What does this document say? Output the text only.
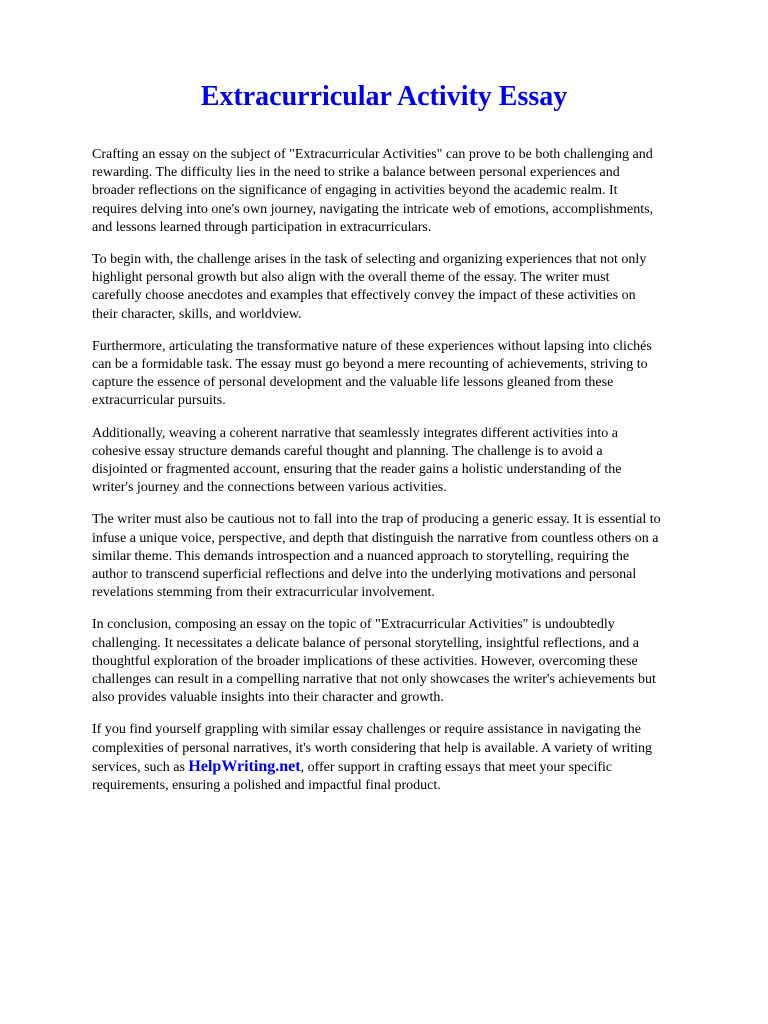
Extracurricular Activity Essay

Crafting an essay on the subject of "Extracurricular Activities" can prove to be both challenging and
rewarding. The difficulty lies in the need to strike a balance between personal experiences and
broader reflections on the significance of engaging in activities beyond the academic realm. It
requires delving into one's own journey, navigating the intricate web of emotions, accomplishments,
and lessons learned through participation in extracurriculars.

To begin with, the challenge arises in the task of selecting and organizing experiences that not only
highlight personal growth but also align with the overall theme of the essay. The writer must
carefully choose anecdotes and examples that effectively convey the impact of these activities on
their character, skills, and worldview.

Furthermore, articulating the transformative nature of these experiences without lapsing into clichés
can be a formidable task. The essay must go beyond a mere recounting of achievements, striving to
capture the essence of personal development and the valuable life lessons gleaned from these
extracurricular pursuits.

Additionally, weaving a coherent narrative that seamlessly integrates different activities into a
cohesive essay structure demands careful thought and planning. The challenge is to avoid a
disjointed or fragmented account, ensuring that the reader gains a holistic understanding of the
writer's journey and the connections between various activities.

The writer must also be cautious not to fall into the trap of producing a generic essay. It is essential to
infuse a unique voice, perspective, and depth that distinguish the narrative from countless others on a
similar theme. This demands introspection and a nuanced approach to storytelling, requiring the
author to transcend superficial reflections and delve into the underlying motivations and personal
revelations stemming from their extracurricular involvement.

In conclusion, composing an essay on the topic of "Extracurricular Activities" is undoubtedly
challenging. It necessitates a delicate balance of personal storytelling, insightful reflections, and a
thoughtful exploration of the broader implications of these activities. However, overcoming these
challenges can result in a compelling narrative that not only showcases the writer's achievements but
also provides valuable insights into their character and growth.

If you find yourself grappling with similar essay challenges or require assistance in navigating the
complexities of personal narratives, it's worth considering that help is available. A variety of writing
services, such as HelpWriting.net, offer support in crafting essays that meet your specific
requirements, ensuring a polished and impactful final product.
